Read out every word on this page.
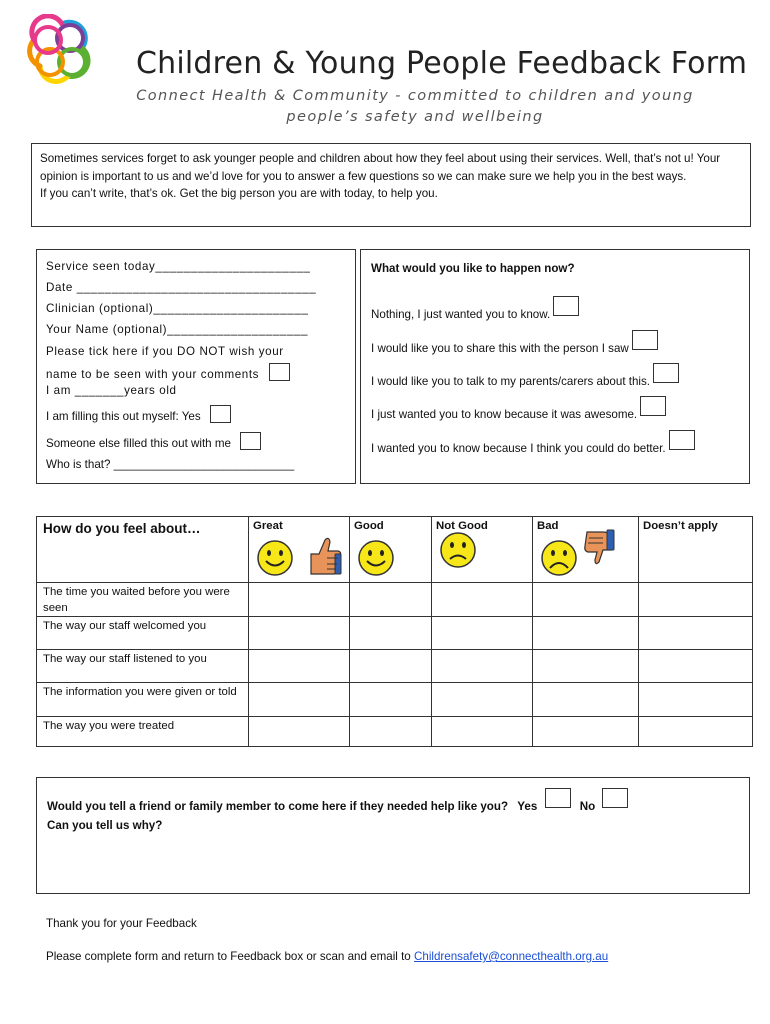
Children & Young People Feedback Form
Connect Health & Community - committed to children and young people’s safety and wellbeing

Sometimes services forget to ask younger people and children about how they feel about using their services. Well, that’s not u! Your opinion is important to us and we’d love for you to answer a few questions so we can make sure we help you in the best ways.

If you can’t write, that’s ok. Get the big person you are with today, to help you.

Service seen today______________________
Date __________________________________
Clinician (optional)______________________
Your Name (optional)____________________
Please tick here if you DO NOT wish your
name to be seen with your comments
I am _______years old
I am filling this out myself: Yes
Someone else filled this out with me
Who is that? ____________________________
What would you like to happen now?
Nothing, I just wanted you to know.
I would like you to share this with the person I saw
I would like you to talk to my parents/carers about this.
I just wanted you to know because it was awesome.
I wanted you to know because I think you could do better.
How do you feel about…	Great	Good	Not Good	Bad	Doesn’t apply

The time you waited before you were seen					
The way our staff welcomed you					
The way our staff listened to you					
The information you were given or told					
The way you were treated					
Would you tell a friend or family member to come here if they needed help like you? Yes	No
Can you tell us why?
Thank you for your Feedback
Please complete form and return to Feedback box or scan and email to Childrensafety@connecthealth.org.au
